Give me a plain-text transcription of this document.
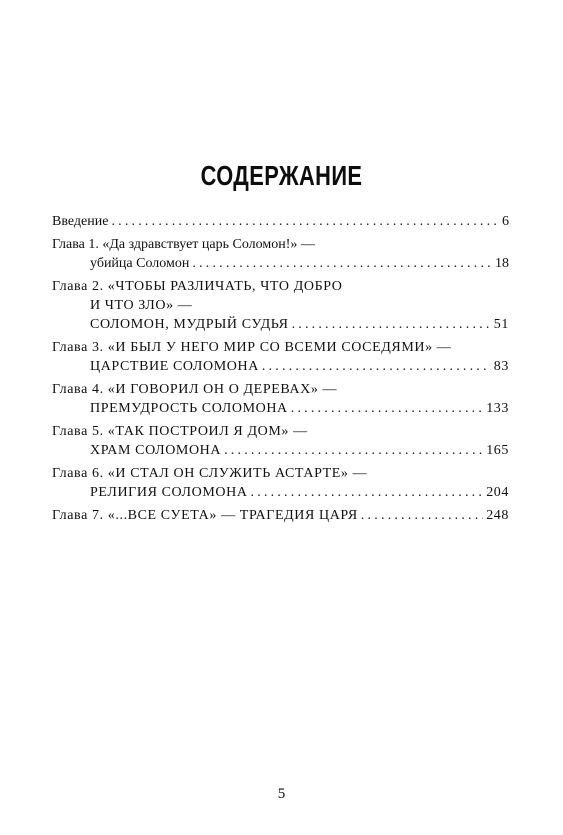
СОДЕРЖАНИЕ
Введение .....	6
Глава 1. «Да здравствует царь Соломон!» —
убийца Соломон .....	18
Глава 2. «ЧТОБЫ РАЗЛИЧАТЬ, ЧТО ДОБРО
И ЧТО ЗЛО» —
СОЛОМОН, МУДРЫЙ СУДЬЯ .....	51
Глава 3. «И БЫЛ У НЕГО МИР СО ВСЕМИ СОСЕДЯМИ» —
ЦАРСТВИЕ СОЛОМОНА .....	83
Глава 4. «И ГОВОРИЛ ОН О ДЕРЕВАХ» —
ПРЕМУДРОСТЬ СОЛОМОНА .....	133
Глава 5. «ТАК ПОСТРОИЛ Я ДОМ» —
ХРАМ СОЛОМОНА .....	165
Глава 6. «И СТАЛ ОН СЛУЖИТЬ АСТАРТЕ» —
РЕЛИГИЯ СОЛОМОНА .....	204
Глава 7. «...ВСЕ СУЕТА» — ТРАГЕДИЯ ЦАРЯ .....	248
5
